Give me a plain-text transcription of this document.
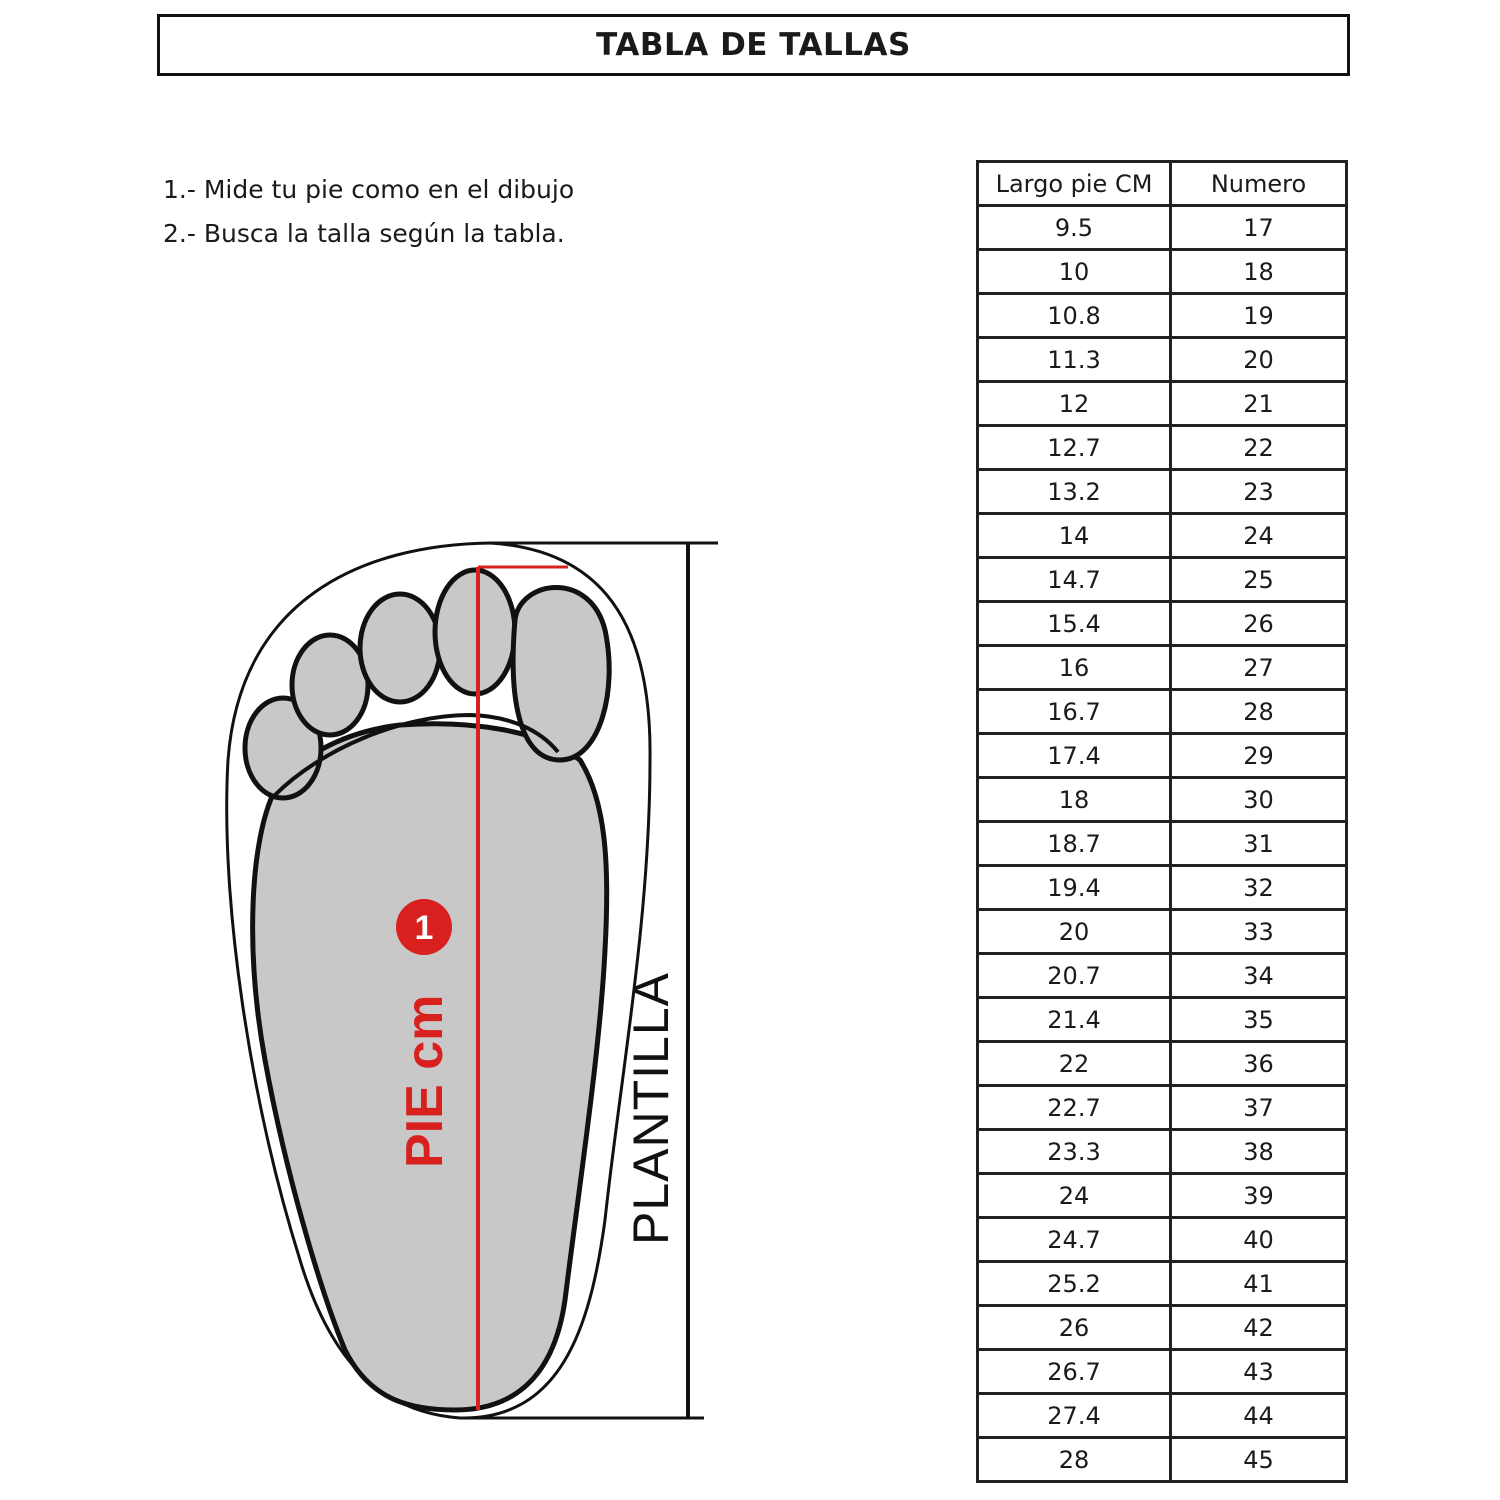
TABLA DE TALLAS
1.- Mide tu pie como en el dibujo
2.- Busca la talla según la tabla.
1
PIE cm	PLANTILLA
Largo pie CM	Numero
9.5	17
10	18
10.8	19
11.3	20
12	21
12.7	22
13.2	23
14	24
14.7	25
15.4	26
16	27
16.7	28
17.4	29
18	30
18.7	31
19.4	32
20	33
20.7	34
21.4	35
22	36
22.7	37
23.3	38
24	39
24.7	40
25.2	41
26	42
26.7	43
27.4	44
28	45
